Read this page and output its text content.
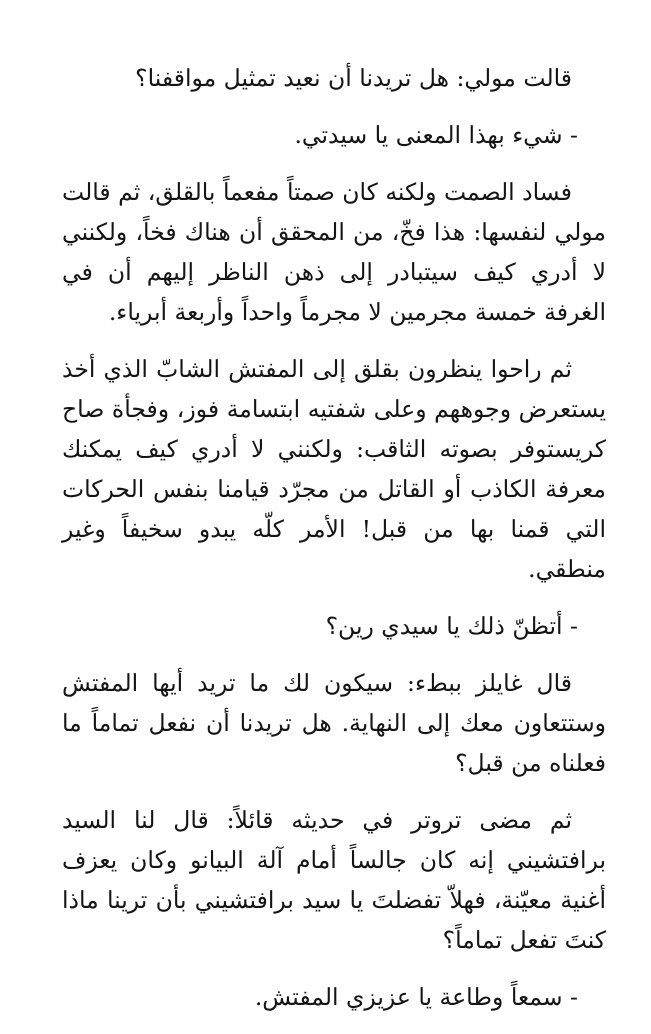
قالت مولي: هل تريدنا أن نعيد تمثيل مواقفنا؟

- شيء بهذا المعنى يا سيدتي.

فساد الصمت ولكنه كان صمتاً مفعماً بالقلق، ثم قالت مولي لنفسها: هذا فخّ، من المحقق أن هناك فخاً، ولكنني لا أدري كيف سيتبادر إلى ذهن الناظر إليهم أن في الغرفة خمسة مجرمين لا مجرماً واحداً وأربعة أبرياء.

ثم راحوا ينظرون بقلق إلى المفتش الشابّ الذي أخذ يستعرض وجوههم وعلى شفتيه ابتسامة فوز، وفجأة صاح كريستوفر بصوته الثاقب: ولكنني لا أدري كيف يمكنك معرفة الكاذب أو القاتل من مجرّد قيامنا بنفس الحركات التي قمنا بها من قبل! الأمر كلّه يبدو سخيفاً وغير منطقي.

- أتظنّ ذلك يا سيدي رين؟

قال غايلز ببطء: سيكون لك ما تريد أيها المفتش وستتعاون معك إلى النهاية. هل تريدنا أن نفعل تماماً ما فعلناه من قبل؟

ثم مضى تروتر في حديثه قائلاً: قال لنا السيد برافتشيني إنه كان جالساً أمام آلة البيانو وكان يعزف أغنية معيّنة، فهلاّ تفضلتَ يا سيد برافتشيني بأن ترينا ماذا كنتَ تفعل تماماً؟

- سمعاً وطاعة يا عزيزي المفتش.
